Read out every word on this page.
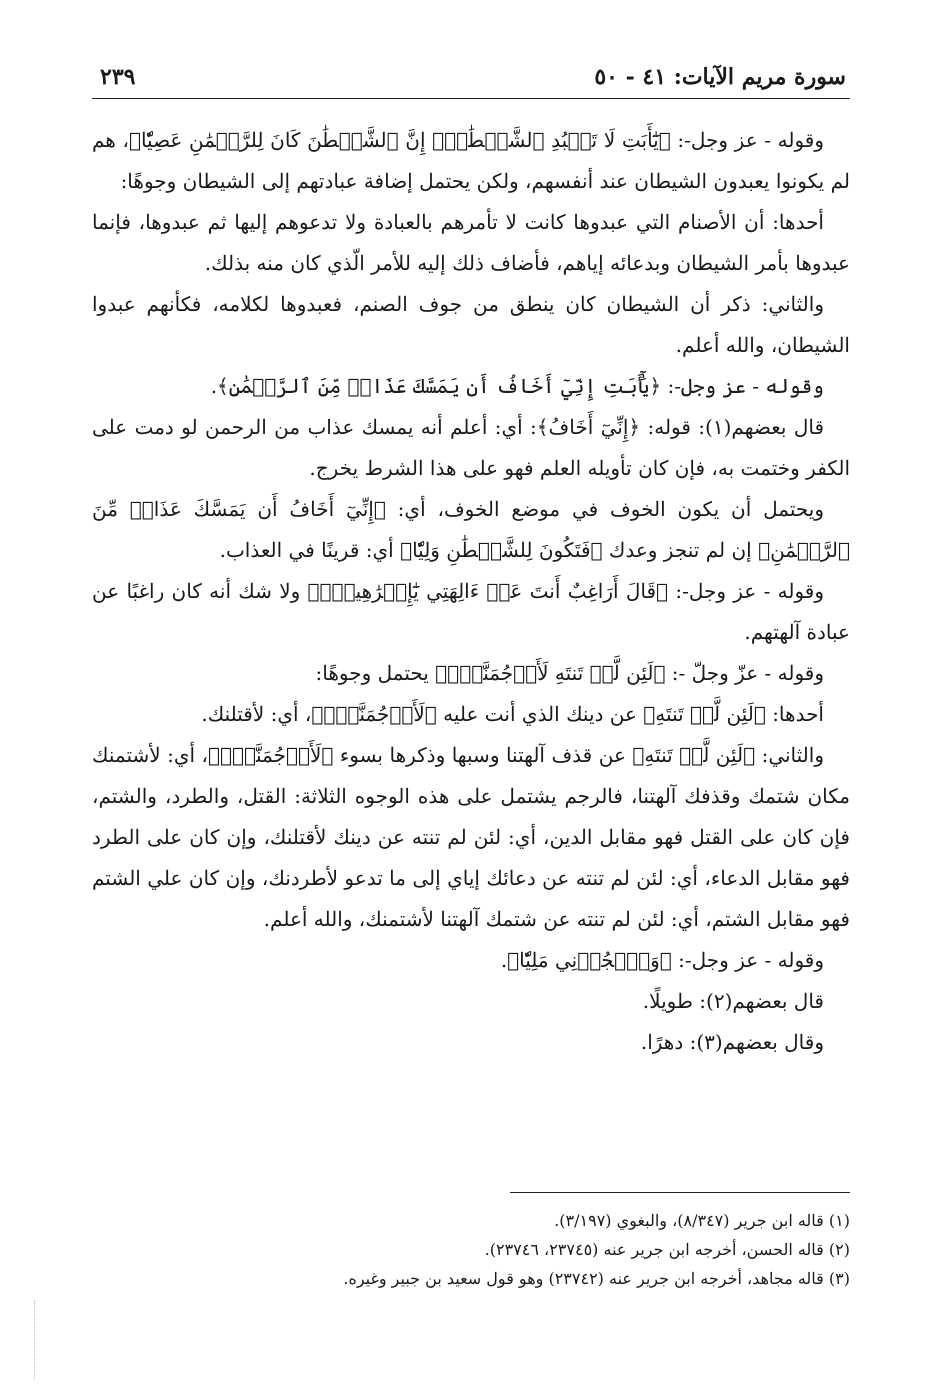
سورة مريم الآيات: ٤١ - ٥٠
٢٣٩

وقوله - عز وجل-: ﴿يَٰٓأَبَتِ لَا تَعۡبُدِ ٱلشَّيۡطَٰنَۖ إِنَّ ٱلشَّيۡطَٰنَ كَانَ لِلرَّحۡمَٰنِ عَصِيّٗا﴾، هم لم يكونوا يعبدون الشيطان عند أنفسهم، ولكن يحتمل إضافة عبادتهم إلى الشيطان وجوهًا:

أحدها: أن الأصنام التي عبدوها كانت لا تأمرهم بالعبادة ولا تدعوهم إليها ثم عبدوها، فإنما عبدوها بأمر الشيطان وبدعائه إياهم، فأضاف ذلك إليه للأمر الّذي كان منه بذلك.

والثاني: ذكر أن الشيطان كان ينطق من جوف الصنم، فعبدوها لكلامه، فكأنهم عبدوا الشيطان، والله أعلم.

وقوله - عز وجل-: ﴿يَٰٓأَبَتِ إِنِّيٓ أَخَافُ أَن يَمَسَّكَ عَذَابٞ مِّنَ ٱلرَّحۡمَٰنِ﴾.

قال بعضهم(١): قوله: ﴿إِنِّيٓ أَخَافُ﴾: أي: أعلم أنه يمسك عذاب من الرحمن لو دمت على الكفر وختمت به، فإن كان تأويله العلم فهو على هذا الشرط يخرج.

ويحتمل أن يكون الخوف في موضع الخوف، أي: ﴿إِنِّيٓ أَخَافُ أَن يَمَسَّكَ عَذَابٞ مِّنَ ٱلرَّحۡمَٰنِ﴾ إن لم تنجز وعدك ﴿فَتَكُونَ لِلشَّيۡطَٰنِ وَلِيّٗا﴾ أي: قرينًا في العذاب.

وقوله - عز وجل-: ﴿قَالَ أَرَاغِبٌ أَنتَ عَنۡ ءَالِهَتِي يَٰٓإِبۡرَٰهِيمُۖ﴾ ولا شك أنه كان راغبًا عن عبادة آلهتهم.

وقوله - عزّ وجلّ -: ﴿لَئِن لَّمۡ تَنتَهِ لَأَرۡجُمَنَّكَۖ﴾ يحتمل وجوهًا:

أحدها: ﴿لَئِن لَّمۡ تَنتَهِ﴾ عن دينك الذي أنت عليه ﴿لَأَرۡجُمَنَّكَۖ﴾، أي: لأقتلنك.

والثاني: ﴿لَئِن لَّمۡ تَنتَهِ﴾ عن قذف آلهتنا وسبها وذكرها بسوء ﴿لَأَرۡجُمَنَّكَۖ﴾، أي: لأشتمنك مكان شتمك وقذفك آلهتنا، فالرجم يشتمل على هذه الوجوه الثلاثة: القتل، والطرد، والشتم، فإن كان على القتل فهو مقابل الدين، أي: لئن لم تنته عن دينك لأقتلنك، وإن كان على الطرد فهو مقابل الدعاء، أي: لئن لم تنته عن دعائك إياي إلى ما تدعو لأطردنك، وإن كان علي الشتم فهو مقابل الشتم، أي: لئن لم تنته عن شتمك آلهتنا لأشتمنك، والله أعلم.

وقوله - عز وجل-: ﴿وَٱهۡجُرۡنِي مَلِيّٗا﴾.

قال بعضهم(٢): طويلًا.

وقال بعضهم(٣): دهرًا.

(١) قاله ابن جرير (٨/٣٤٧)، والبغوي (٣/١٩٧).

(٢) قاله الحسن، أخرجه ابن جرير عنه (٢٣٧٤٥، ٢٣٧٤٦).

(٣) قاله مجاهد، أخرجه ابن جرير عنه (٢٣٧٤٢) وهو قول سعيد بن جبير وغيره.
